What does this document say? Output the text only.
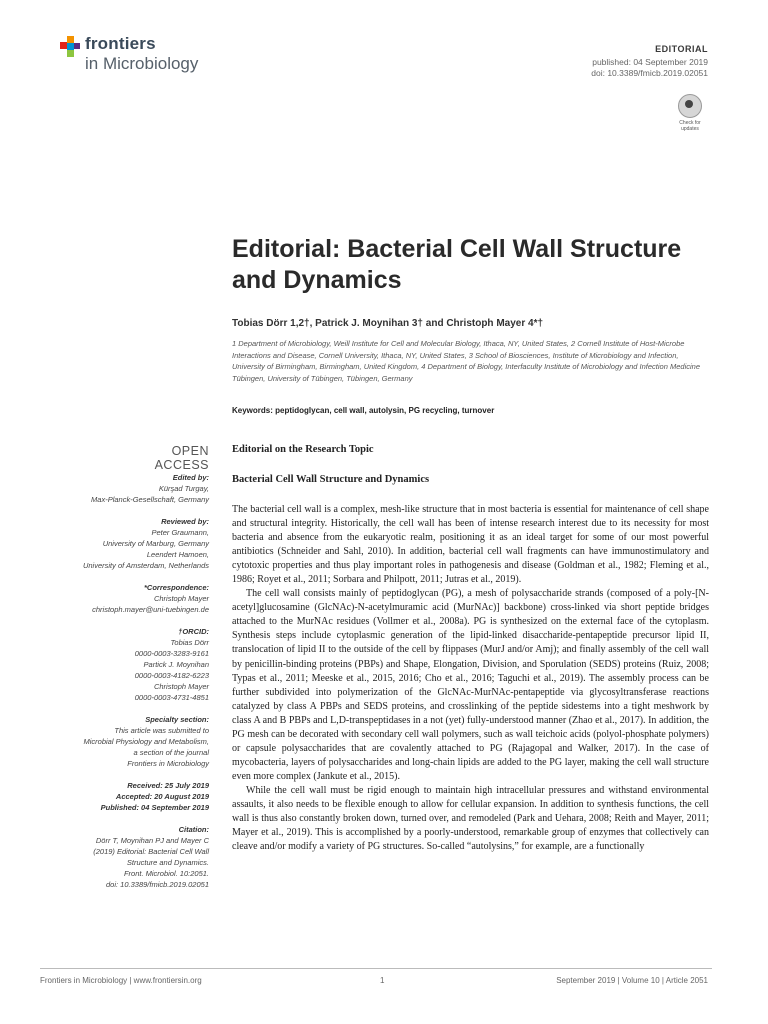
frontiers
in Microbiology
EDITORIAL
published: 04 September 2019
doi: 10.3389/fmicb.2019.02051
Check for updates
Editorial: Bacterial Cell Wall Structure and Dynamics
Tobias Dörr 1,2†, Patrick J. Moynihan 3† and Christoph Mayer 4*†
1 Department of Microbiology, Weill Institute for Cell and Molecular Biology, Ithaca, NY, United States, 2 Cornell Institute of Host-Microbe Interactions and Disease, Cornell University, Ithaca, NY, United States, 3 School of Biosciences, Institute of Microbiology and Infection, University of Birmingham, Birmingham, United Kingdom, 4 Department of Biology, Interfaculty Institute of Microbiology and Infection Medicine Tübingen, University of Tübingen, Tübingen, Germany
Keywords: peptidoglycan, cell wall, autolysin, PG recycling, turnover
OPEN ACCESS
Edited by:
Kürşad Turgay,
Max-Planck-Gesellschaft, Germany
Reviewed by:
Peter Graumann,
University of Marburg, Germany
Leendert Hamoen,
University of Amsterdam, Netherlands
*Correspondence:
Christoph Mayer
christoph.mayer@uni-tuebingen.de
†ORCID:
Tobias Dörr
0000-0003-3283-9161
Partick J. Moynihan
0000-0003-4182-6223
Christoph Mayer
0000-0003-4731-4851
Specialty section:
This article was submitted to
Microbial Physiology and Metabolism,
a section of the journal
Frontiers in Microbiology
Received: 25 July 2019
Accepted: 20 August 2019
Published: 04 September 2019
Citation:
Dörr T, Moynihan PJ and Mayer C
(2019) Editorial: Bacterial Cell Wall
Structure and Dynamics.
Front. Microbiol. 10:2051.
doi: 10.3389/fmicb.2019.02051
Editorial on the Research Topic
Bacterial Cell Wall Structure and Dynamics

The bacterial cell wall is a complex, mesh-like structure that in most bacteria is essential for maintenance of cell shape and structural integrity. Historically, the cell wall has been of intense research interest due to its necessity for most bacteria and absence from the eukaryotic realm, positioning it as an ideal target for some of our most powerful antibiotics (Schneider and Sahl, 2010). In addition, bacterial cell wall fragments can have immunostimulatory and cytotoxic properties and thus play important roles in pathogenesis and disease (Goldman et al., 1982; Fleming et al., 1986; Royet et al., 2011; Sorbara and Philpott, 2011; Jutras et al., 2019).

The cell wall consists mainly of peptidoglycan (PG), a mesh of polysaccharide strands (composed of a poly-[N-acetyl]glucosamine (GlcNAc)-N-acetylmuramic acid (MurNAc)] backbone) cross-linked via short peptide bridges attached to the MurNAc residues (Vollmer et al., 2008a). PG is synthesized on the external face of the cytoplasm. Synthesis steps include cytoplasmic generation of the lipid-linked disaccharide-pentapeptide precursor lipid II, translocation of lipid II to the outside of the cell by flippases (MurJ and/or Amj); and finally assembly of the cell wall by penicillin-binding proteins (PBPs) and Shape, Elongation, Division, and Sporulation (SEDS) proteins (Ruiz, 2008; Typas et al., 2011; Meeske et al., 2015, 2016; Cho et al., 2016; Taguchi et al., 2019). The assembly process can be further subdivided into polymerization of the GlcNAc-MurNAc-pentapeptide via glycosyltransferase reactions catalyzed by class A PBPs and SEDS proteins, and crosslinking of the peptide sidestems into a tight meshwork by class A and B PBPs and L,D-transpeptidases in a not (yet) fully-understood manner (Zhao et al., 2017). In addition, the PG mesh can be decorated with secondary cell wall polymers, such as wall teichoic acids (polyol-phosphate polymers) or capsule polysaccharides that are covalently attached to PG (Rajagopal and Walker, 2017). In the case of mycobacteria, layers of polysaccharides and long-chain lipids are added to the PG layer, making the cell wall structure even more complex (Jankute et al., 2015).

While the cell wall must be rigid enough to maintain high intracellular pressures and withstand environmental assaults, it also needs to be flexible enough to allow for cellular expansion. In addition to synthesis functions, the cell wall is thus also constantly broken down, turned over, and remodeled (Park and Uehara, 2008; Reith and Mayer, 2011; Mayer et al., 2019). This is accomplished by a poorly-understood, remarkable group of enzymes that collectively can cleave and/or modify a variety of PG structures. So-called “autolysins,” for example, are a functionally

Frontiers in Microbiology | www.frontiersin.org	1	September 2019 | Volume 10 | Article 2051
